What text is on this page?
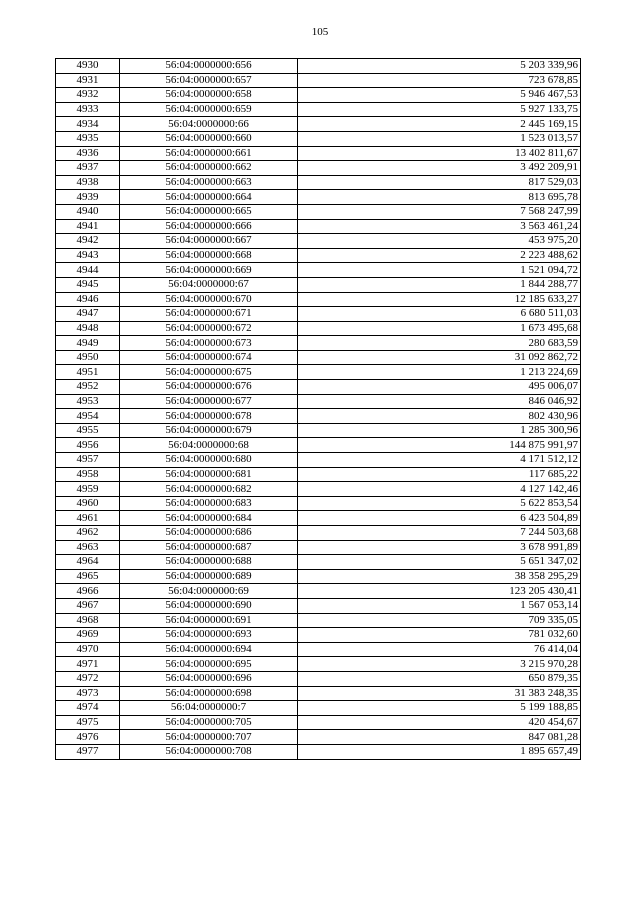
105
4930	56:04:0000000:656	5 203 339,96
4931	56:04:0000000:657	723 678,85
4932	56:04:0000000:658	5 946 467,53
4933	56:04:0000000:659	5 927 133,75
4934	56:04:0000000:66	2 445 169,15
4935	56:04:0000000:660	1 523 013,57
4936	56:04:0000000:661	13 402 811,67
4937	56:04:0000000:662	3 492 209,91
4938	56:04:0000000:663	817 529,03
4939	56:04:0000000:664	813 695,78
4940	56:04:0000000:665	7 568 247,99
4941	56:04:0000000:666	3 563 461,24
4942	56:04:0000000:667	453 975,20
4943	56:04:0000000:668	2 223 488,62
4944	56:04:0000000:669	1 521 094,72
4945	56:04:0000000:67	1 844 288,77
4946	56:04:0000000:670	12 185 633,27
4947	56:04:0000000:671	6 680 511,03
4948	56:04:0000000:672	1 673 495,68
4949	56:04:0000000:673	280 683,59
4950	56:04:0000000:674	31 092 862,72
4951	56:04:0000000:675	1 213 224,69
4952	56:04:0000000:676	495 006,07
4953	56:04:0000000:677	846 046,92
4954	56:04:0000000:678	802 430,96
4955	56:04:0000000:679	1 285 300,96
4956	56:04:0000000:68	144 875 991,97
4957	56:04:0000000:680	4 171 512,12
4958	56:04:0000000:681	117 685,22
4959	56:04:0000000:682	4 127 142,46
4960	56:04:0000000:683	5 622 853,54
4961	56:04:0000000:684	6 423 504,89
4962	56:04:0000000:686	7 244 503,68
4963	56:04:0000000:687	3 678 991,89
4964	56:04:0000000:688	5 651 347,02
4965	56:04:0000000:689	38 358 295,29
4966	56:04:0000000:69	123 205 430,41
4967	56:04:0000000:690	1 567 053,14
4968	56:04:0000000:691	709 335,05
4969	56:04:0000000:693	781 032,60
4970	56:04:0000000:694	76 414,04
4971	56:04:0000000:695	3 215 970,28
4972	56:04:0000000:696	650 879,35
4973	56:04:0000000:698	31 383 248,35
4974	56:04:0000000:7	5 199 188,85
4975	56:04:0000000:705	420 454,67
4976	56:04:0000000:707	847 081,28
4977	56:04:0000000:708	1 895 657,49
